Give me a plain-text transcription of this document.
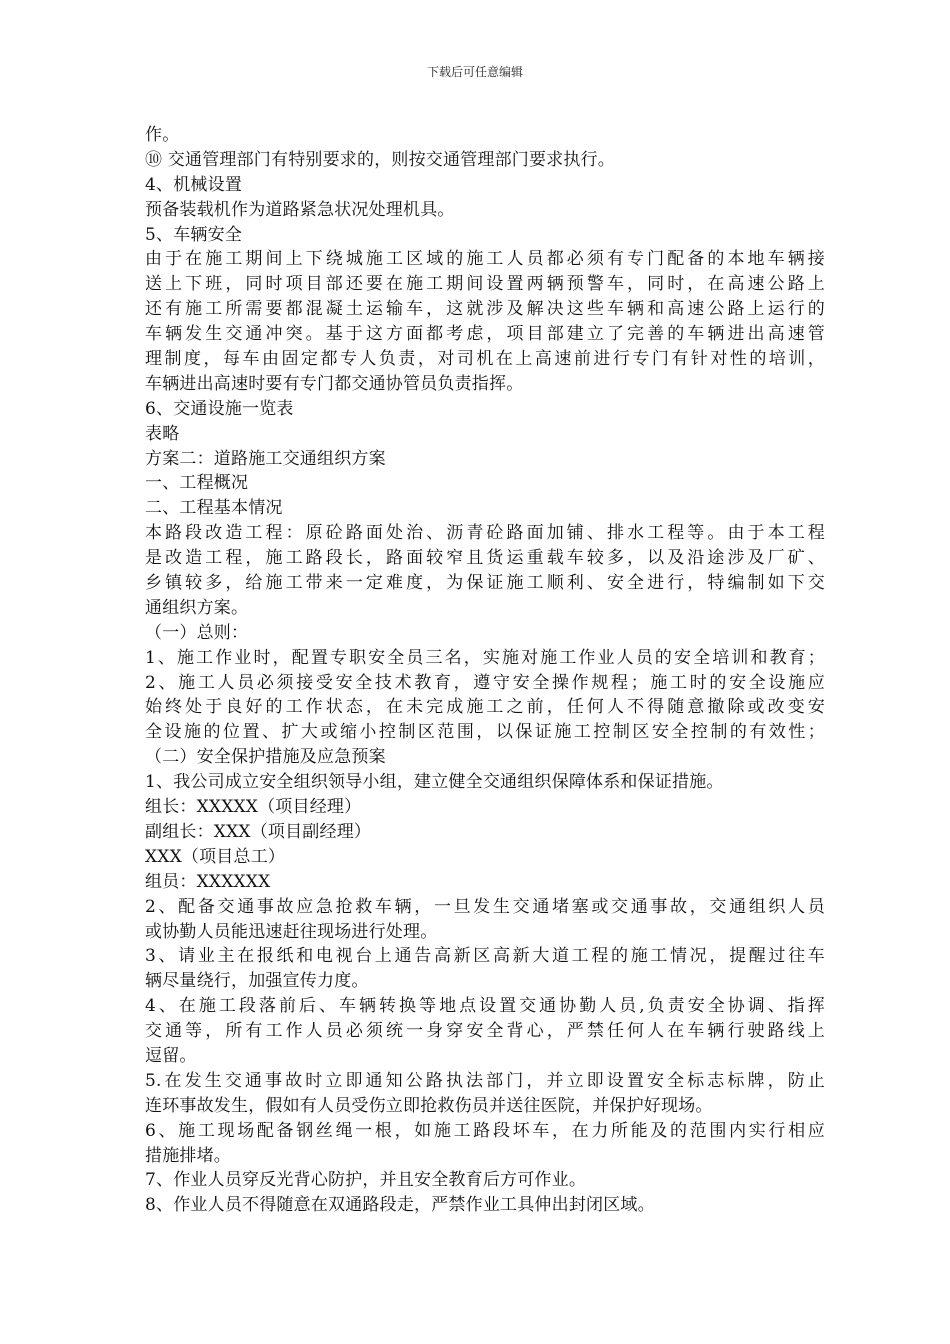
下载后可任意编辑
作。
⑩ 交通管理部门有特别要求的，则按交通管理部门要求执行。
4、机械设置
预备装载机作为道路紧急状况处理机具。
5、车辆安全
由于在施工期间上下绕城施工区域的施工人员都必须有专门配备的本地车辆接
送上下班，同时项目部还要在施工期间设置两辆预警车，同时，在高速公路上
还有施工所需要都混凝土运输车，这就涉及解决这些车辆和高速公路上运行的
车辆发生交通冲突。基于这方面都考虑，项目部建立了完善的车辆进出高速管
理制度，每车由固定都专人负责，对司机在上高速前进行专门有针对性的培训，
车辆进出高速时要有专门都交通协管员负责指挥。
6、交通设施一览表
表略
方案二：道路施工交通组织方案
一、工程概况
二、工程基本情况
本路段改造工程：原砼路面处治、沥青砼路面加铺、排水工程等。由于本工程
是改造工程，施工路段长，路面较窄且货运重载车较多，以及沿途涉及厂矿、
乡镇较多，给施工带来一定难度，为保证施工顺利、安全进行，特编制如下交
通组织方案。
（一）总则：
1、施工作业时，配置专职安全员三名，实施对施工作业人员的安全培训和教育；
2、施工人员必须接受安全技术教育，遵守安全操作规程；施工时的安全设施应
始终处于良好的工作状态，在未完成施工之前，任何人不得随意撤除或改变安
全设施的位置、扩大或缩小控制区范围，以保证施工控制区安全控制的有效性；
（二）安全保护措施及应急预案
1、我公司成立安全组织领导小组，建立健全交通组织保障体系和保证措施。
组长：XXXXX（项目经理）
副组长：XXX（项目副经理）
XXX（项目总工）
组员：XXXXXX
2、配备交通事故应急抢救车辆，一旦发生交通堵塞或交通事故，交通组织人员
或协勤人员能迅速赶往现场进行处理。
3、请业主在报纸和电视台上通告高新区高新大道工程的施工情况，提醒过往车
辆尽量绕行，加强宣传力度。
4、在施工段落前后、车辆转换等地点设置交通协勤人员,负责安全协调、指挥
交通等，所有工作人员必须统一身穿安全背心，严禁任何人在车辆行驶路线上
逗留。
5.在发生交通事故时立即通知公路执法部门，并立即设置安全标志标牌，防止
连环事故发生，假如有人员受伤立即抢救伤员并送往医院，并保护好现场。
6、施工现场配备钢丝绳一根，如施工路段坏车，在力所能及的范围内实行相应
措施排堵。
7、作业人员穿反光背心防护，并且安全教育后方可作业。
8、作业人员不得随意在双通路段走，严禁作业工具伸出封闭区域。
